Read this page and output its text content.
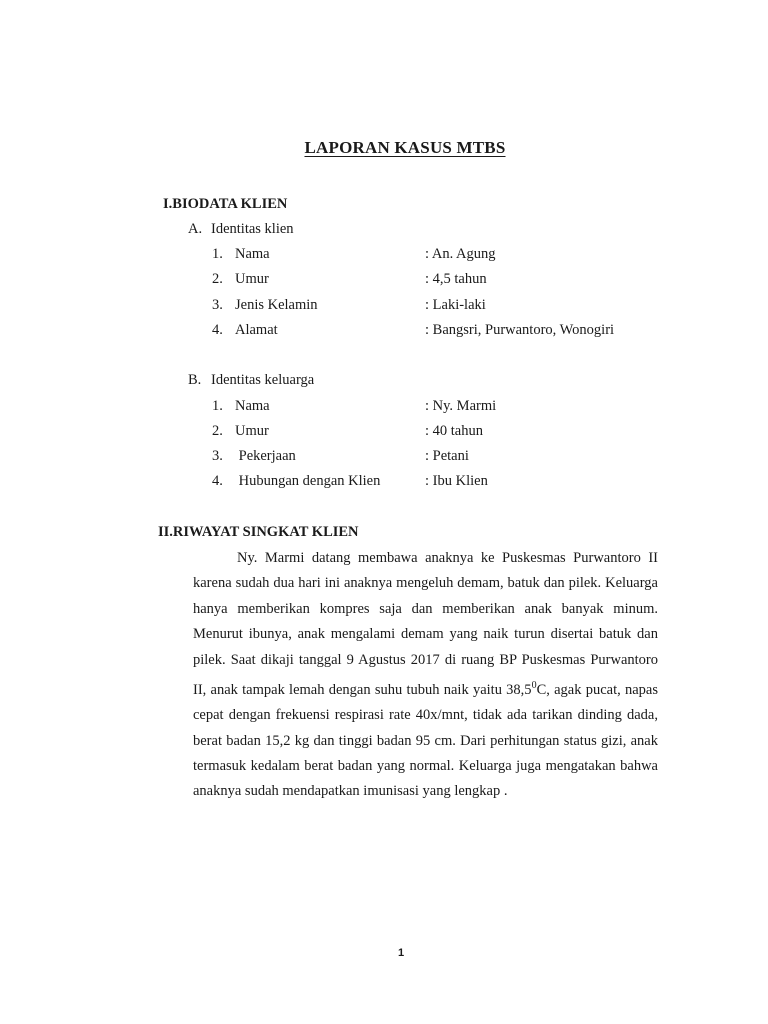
LAPORAN KASUS MTBS
I.BIODATA KLIEN
A. Identitas klien
1. Nama	: An. Agung
2. Umur	: 4,5 tahun
3. Jenis Kelamin	: Laki-laki
4. Alamat	: Bangsri, Purwantoro, Wonogiri
B. Identitas keluarga
1. Nama	: Ny. Marmi
2. Umur	: 40 tahun
3. Pekerjaan	: Petani
4. Hubungan dengan Klien	: Ibu Klien
II.RIWAYAT SINGKAT KLIEN

Ny. Marmi datang membawa anaknya ke Puskesmas Purwantoro II karena sudah dua hari ini anaknya mengeluh demam, batuk dan pilek. Keluarga hanya memberikan kompres saja dan memberikan anak banyak minum. Menurut ibunya, anak mengalami demam yang naik turun disertai batuk dan pilek. Saat dikaji tanggal 9 Agustus 2017 di ruang BP Puskesmas Purwantoro II, anak tampak lemah dengan suhu tubuh naik yaitu 38,5$^0$C, agak pucat, napas cepat dengan frekuensi respirasi rate 40x/mnt, tidak ada tarikan dinding dada, berat badan 15,2 kg dan tinggi badan 95 cm. Dari perhitungan status gizi, anak termasuk kedalam berat badan yang normal. Keluarga juga mengatakan bahwa anaknya sudah mendapatkan imunisasi yang lengkap .

1
